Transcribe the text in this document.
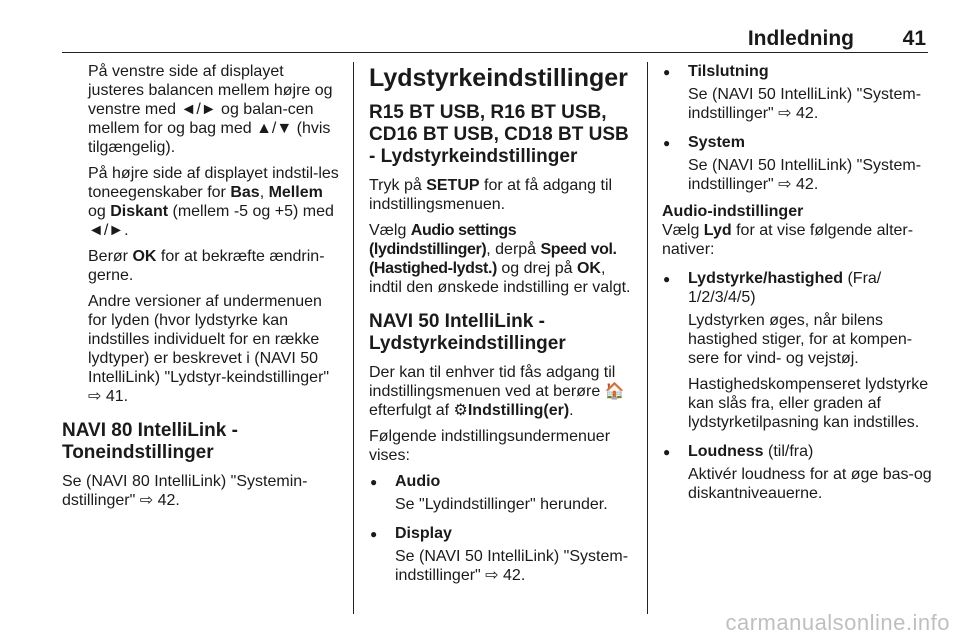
Indledning 41

På venstre side af displayet justeres balancen mellem højre og venstre med ◄/► og balan-cen mellem for og bag med ▲/▼ (hvis tilgængelig).

På højre side af displayet indstil-les toneegenskaber for Bas, Mellem og Diskant (mellem -5 og +5) med ◄/►.

Berør OK for at bekræfte ændrin-gerne.

Andre versioner af undermenuen for lyden (hvor lydstyrke kan indstilles individuelt for en række lydtyper) er beskrevet i (NAVI 50 IntelliLink) "Lydstyr-keindstillinger" ⇨ 41.

NAVI 80 IntelliLink - Toneindstillinger

Se (NAVI 80 IntelliLink) "Systemin-dstillinger" ⇨ 42.

Lydstyrkeindstillinger
R15 BT USB, R16 BT USB, CD16 BT USB, CD18 BT USB - Lydstyrkeindstillinger

Tryk på SETUP for at få adgang til indstillingsmenuen.

Vælg Audio settings (lydindstillinger), derpå Speed vol. (Hastighed-lydst.) og drej på OK, indtil den ønskede indstilling er valgt.

NAVI 50 IntelliLink - Lydstyrkeindstillinger

Der kan til enhver tid fås adgang til indstillingsmenuen ved at berøre 🏠 efterfulgt af ⚙Indstilling(er).

Følgende indstillingsundermenuer vises:

● Audio
Se "Lydindstillinger" herunder.
● Display
Se (NAVI 50 IntelliLink) "System-indstillinger" ⇨ 42.
● Tilslutning
Se (NAVI 50 IntelliLink) "System-indstillinger" ⇨ 42.
● System
Se (NAVI 50 IntelliLink) "System-indstillinger" ⇨ 42.
Audio-indstillinger

Vælg Lyd for at vise følgende alter-nativer:

● Lydstyrke/hastighed (Fra/ 1/2/3/4/5)

Lydstyrken øges, når bilens hastighed stiger, for at kompen-sere for vind- og vejstøj.

Hastighedskompenseret lydstyrke kan slås fra, eller graden af lydstyrketilpasning kan indstilles.

● Loudness (til/fra)

Aktivér loudness for at øge bas-og diskantniveauerne.

carmanualsonline.info
